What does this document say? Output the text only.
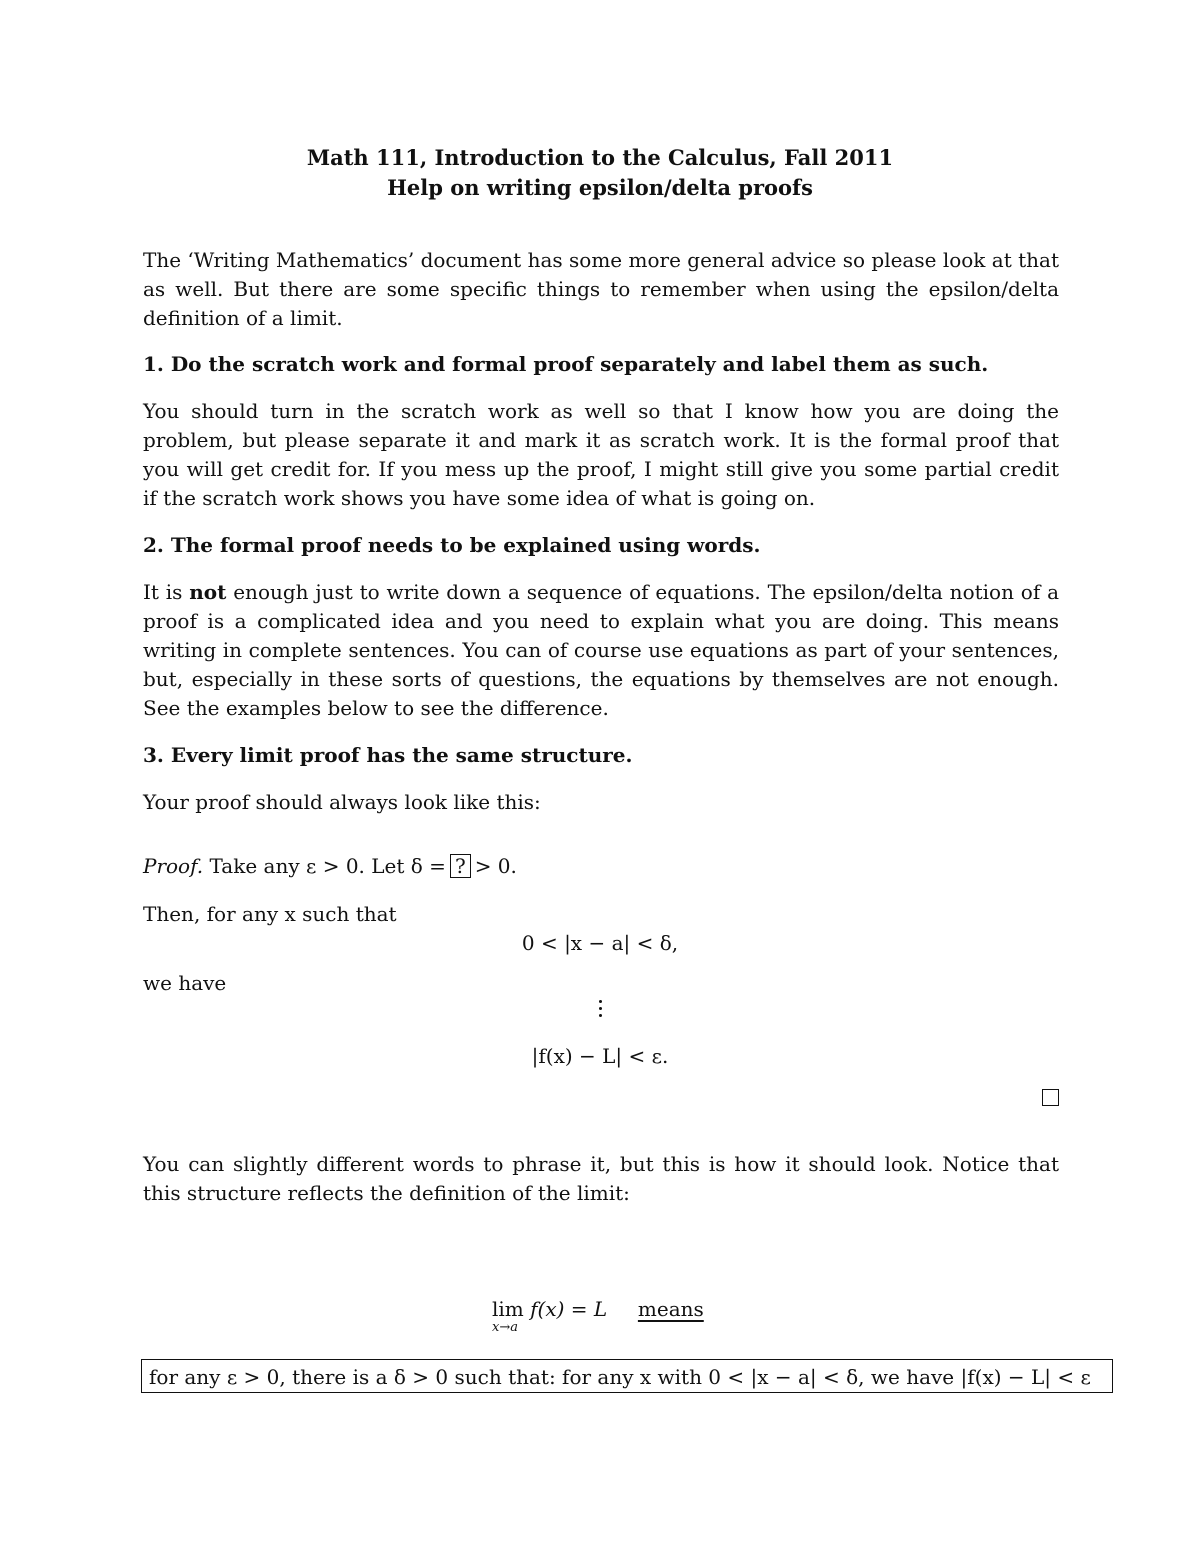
Math 111, Introduction to the Calculus, Fall 2011
Help on writing epsilon/delta proofs
The ‘Writing Mathematics’ document has some more general advice so please look at that as well. But there are some specific things to remember when using the epsilon/delta definition of a limit.
1. Do the scratch work and formal proof separately and label them as such.
You should turn in the scratch work as well so that I know how you are doing the problem, but please separate it and mark it as scratch work. It is the formal proof that you will get credit for. If you mess up the proof, I might still give you some partial credit if the scratch work shows you have some idea of what is going on.
2. The formal proof needs to be explained using words.
It is not enough just to write down a sequence of equations. The epsilon/delta notion of a proof is a complicated idea and you need to explain what you are doing. This means writing in complete sentences. You can of course use equations as part of your sentences, but, especially in these sorts of questions, the equations by themselves are not enough. See the examples below to see the difference.
3. Every limit proof has the same structure.
Your proof should always look like this:
Proof. Take any ε > 0. Let δ = ? > 0.
Then, for any x such that
0 < |x − a| < δ,
we have
|f(x) − L| < ε.
You can slightly different words to phrase it, but this is how it should look. Notice that this structure reflects the definition of the limit:
lim f(x) = L means
x→a
for any ε > 0, there is a δ > 0 such that: for any x with 0 < |x − a| < δ, we have |f(x) − L| < ε
